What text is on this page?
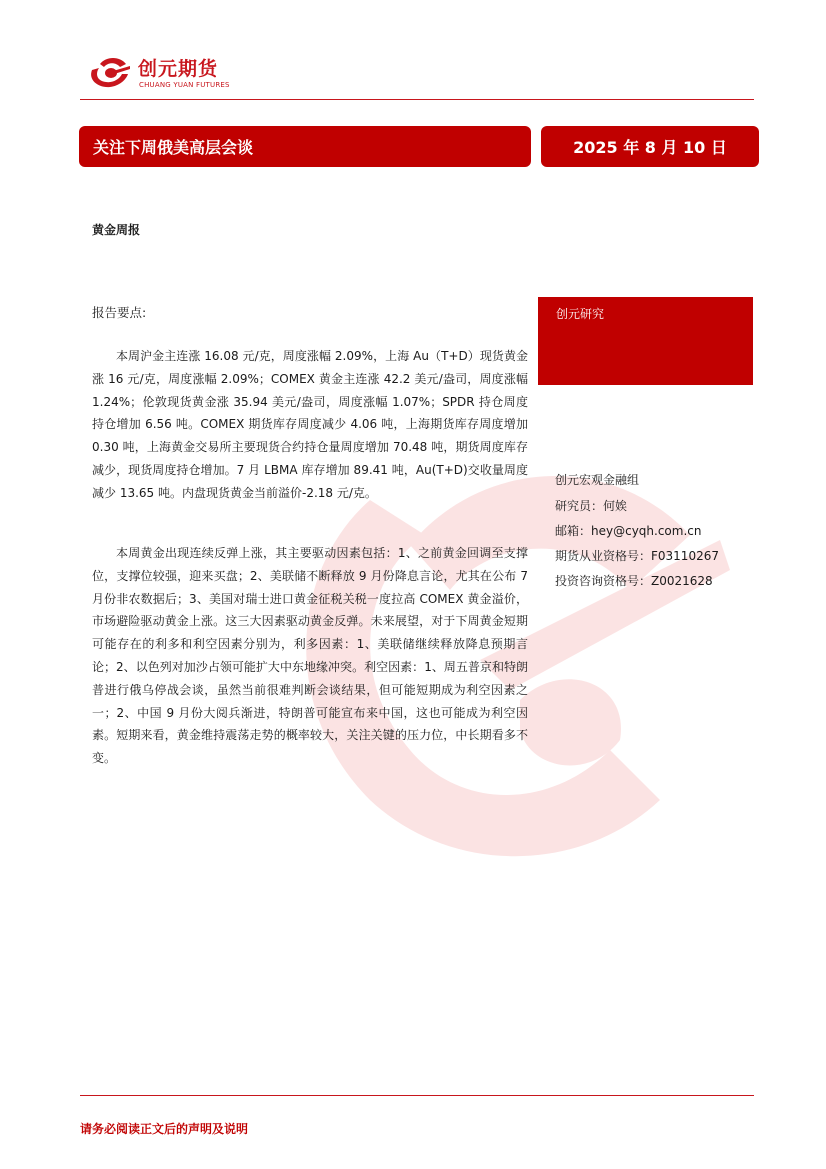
创元期货
CHUANG YUAN FUTURES
关注下周俄美高层会谈	2025 年 8 月 10 日
黄金周报
报告要点:

本周沪金主连涨 16.08 元/克，周度涨幅 2.09%，上海 Au（T+D）现货黄金涨 16 元/克，周度涨幅 2.09%；COMEX 黄金主连涨 42.2 美元/盎司，周度涨幅 1.24%；伦敦现货黄金涨 35.94 美元/盎司，周度涨幅 1.07%；SPDR 持仓周度持仓增加 6.56 吨。COMEX 期货库存周度减少 4.06 吨，上海期货库存周度增加 0.30 吨，上海黄金交易所主要现货合约持仓量周度增加 70.48 吨，期货周度库存减少，现货周度持仓增加。7 月 LBMA 库存增加 89.41 吨，Au(T+D)交收量周度减少 13.65 吨。内盘现货黄金当前溢价-2.18 元/克。

本周黄金出现连续反弹上涨，其主要驱动因素包括：1、之前黄金回调至支撑位，支撑位较强，迎来买盘；2、美联储不断释放 9 月份降息言论，尤其在公布 7 月份非农数据后；3、美国对瑞士进口黄金征税关税一度拉高 COMEX 黄金溢价，市场避险驱动黄金上涨。这三大因素驱动黄金反弹。未来展望，对于下周黄金短期可能存在的利多和利空因素分别为，利多因素：1、美联储继续释放降息预期言论；2、以色列对加沙占领可能扩大中东地缘冲突。利空因素：1、周五普京和特朗普进行俄乌停战会谈，虽然当前很难判断会谈结果，但可能短期成为利空因素之一；2、中国 9 月份大阅兵渐进，特朗普可能宣布来中国，这也可能成为利空因素。短期来看，黄金维持震荡走势的概率较大，关注关键的压力位，中长期看多不变。

创元研究
创元宏观金融组
研究员：何娭
邮箱：hey@cyqh.com.cn
期货从业资格号：F03110267
投资咨询资格号：Z0021628
请务必阅读正文后的声明及说明
